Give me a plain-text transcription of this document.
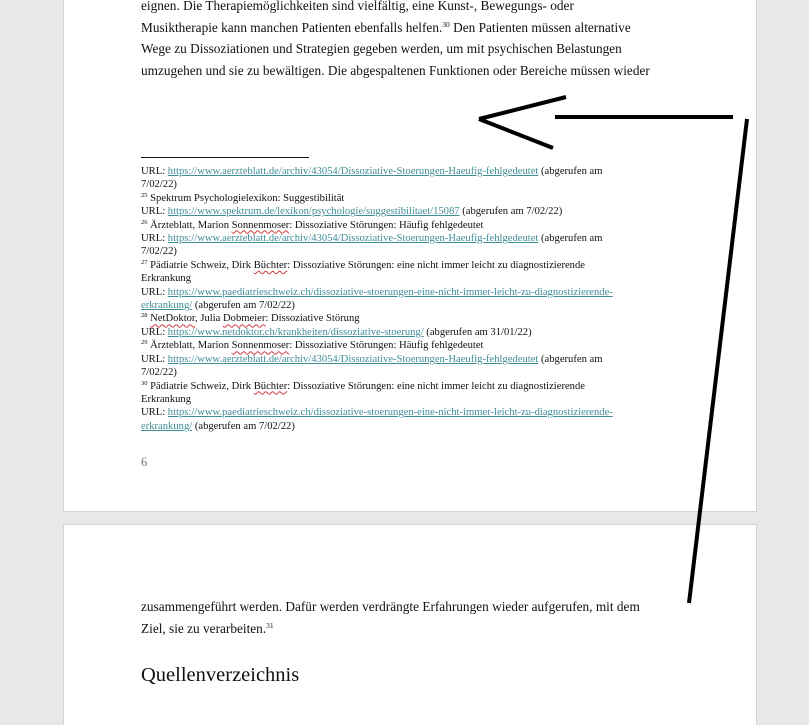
eignen. Die Therapiemöglichkeiten sind vielfältig, eine Kunst-, Bewegungs- oder
Musiktherapie kann manchen Patienten ebenfalls helfen.$^{30}$ Den Patienten müssen alternative
Wege zu Dissoziationen und Strategien gegeben werden, um mit psychischen Belastungen
umzugehen und sie zu bewältigen. Die abgespaltenen Funktionen oder Bereiche müssen wieder
URL: https://www.aerzteblatt.de/archiv/43054/Dissoziative-Stoerungen-Haeufig-fehlgedeutet (abgerufen am
7/02/22)
$^{25}$ Spektrum Psychologielexikon: Suggestibilität
URL: https://www.spektrum.de/lexikon/psychologie/suggestibilitaet/15087 (abgerufen am 7/02/22)
$^{26}$ Ärzteblatt, Marion Sonnenmoser: Dissoziative Störungen: Häufig fehlgedeutet
URL: https://www.aerzteblatt.de/archiv/43054/Dissoziative-Stoerungen-Haeufig-fehlgedeutet (abgerufen am
7/02/22)
$^{27}$ Pädiatrie Schweiz, Dirk Büchter: Dissoziative Störungen: eine nicht immer leicht zu diagnostizierende
Erkrankung
URL: https://www.paediatrieschweiz.ch/dissoziative-stoerungen-eine-nicht-immer-leicht-zu-diagnostizierende-
erkrankung/ (abgerufen am 7/02/22)
$^{28}$ NetDoktor, Julia Dobmeier: Dissoziative Störung
URL: https://www.netdoktor.ch/krankheiten/dissoziative-stoerung/ (abgerufen am 31/01/22)
$^{29}$ Ärzteblatt, Marion Sonnenmoser: Dissoziative Störungen: Häufig fehlgedeutet
URL: https://www.aerzteblatt.de/archiv/43054/Dissoziative-Stoerungen-Haeufig-fehlgedeutet (abgerufen am
7/02/22)
$^{30}$ Pädiatrie Schweiz, Dirk Büchter: Dissoziative Störungen: eine nicht immer leicht zu diagnostizierende
Erkrankung
URL: https://www.paediatrieschweiz.ch/dissoziative-stoerungen-eine-nicht-immer-leicht-zu-diagnostizierende-
erkrankung/ (abgerufen am 7/02/22)
6
zusammengeführt werden. Dafür werden verdrängte Erfahrungen wieder aufgerufen, mit dem
Ziel, sie zu verarbeiten.$^{31}$
Quellenverzeichnis
